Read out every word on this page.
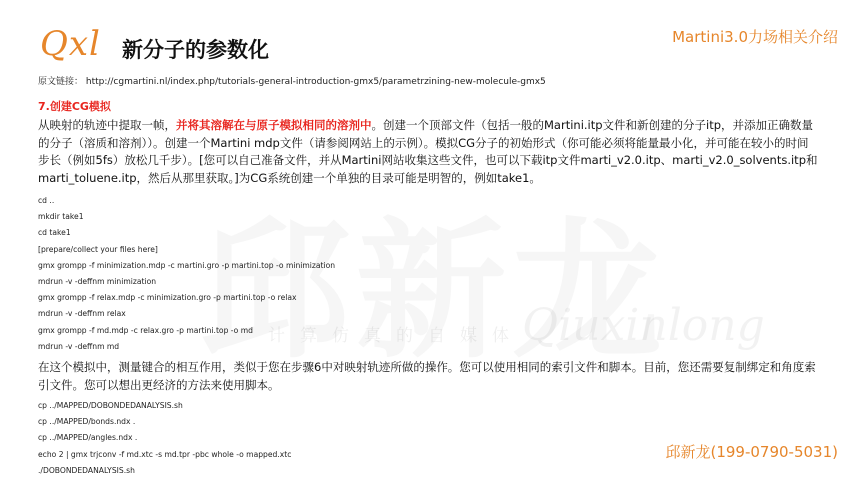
计算仿真的自媒体
Qiuxinlong
Qxl 新分子的参数化
Martini3.0力场相关介绍
原文链接： http://cgmartini.nl/index.php/tutorials-general-introduction-gmx5/parametrzining-new-molecule-gmx5
7.创建CG模拟
从映射的轨迹中提取一帧，并将其溶解在与原子模拟相同的溶剂中。创建一个顶部文件（包括一般的Martini.itp文件和新创建的分子itp，并添加正确数量的分子（溶质和溶剂））。创建一个Martini mdp文件（请参阅网站上的示例）。模拟CG分子的初始形式（你可能必须将能量最小化，并可能在较小的时间步长（例如5fs）放松几千步）。[您可以自己准备文件，并从Martini网站收集这些文件，也可以下载itp文件marti_v2.0.itp、marti_v2.0_solvents.itp和marti_toluene.itp，然后从那里获取。]为CG系统创建一个单独的目录可能是明智的，例如take1。
cd ..
mkdir take1
cd take1
[prepare/collect your files here]
gmx grompp -f minimization.mdp -c martini.gro -p martini.top -o minimization
mdrun -v -deffnm minimization
gmx grompp -f relax.mdp -c minimization.gro -p martini.top -o relax
mdrun -v -deffnm relax
gmx grompp -f md.mdp -c relax.gro -p martini.top -o md
mdrun -v -deffnm md
在这个模拟中，测量键合的相互作用，类似于您在步骤6中对映射轨迹所做的操作。您可以使用相同的索引文件和脚本。目前，您还需要复制绑定和角度索引文件。您可以想出更经济的方法来使用脚本。
cp ../MAPPED/DOBONDEDANALYSIS.sh
cp ../MAPPED/bonds.ndx .
cp ../MAPPED/angles.ndx .
echo 2 | gmx trjconv -f md.xtc -s md.tpr -pbc whole -o mapped.xtc
./DOBONDEDANALYSIS.sh
邱新龙(199-0790-5031)
